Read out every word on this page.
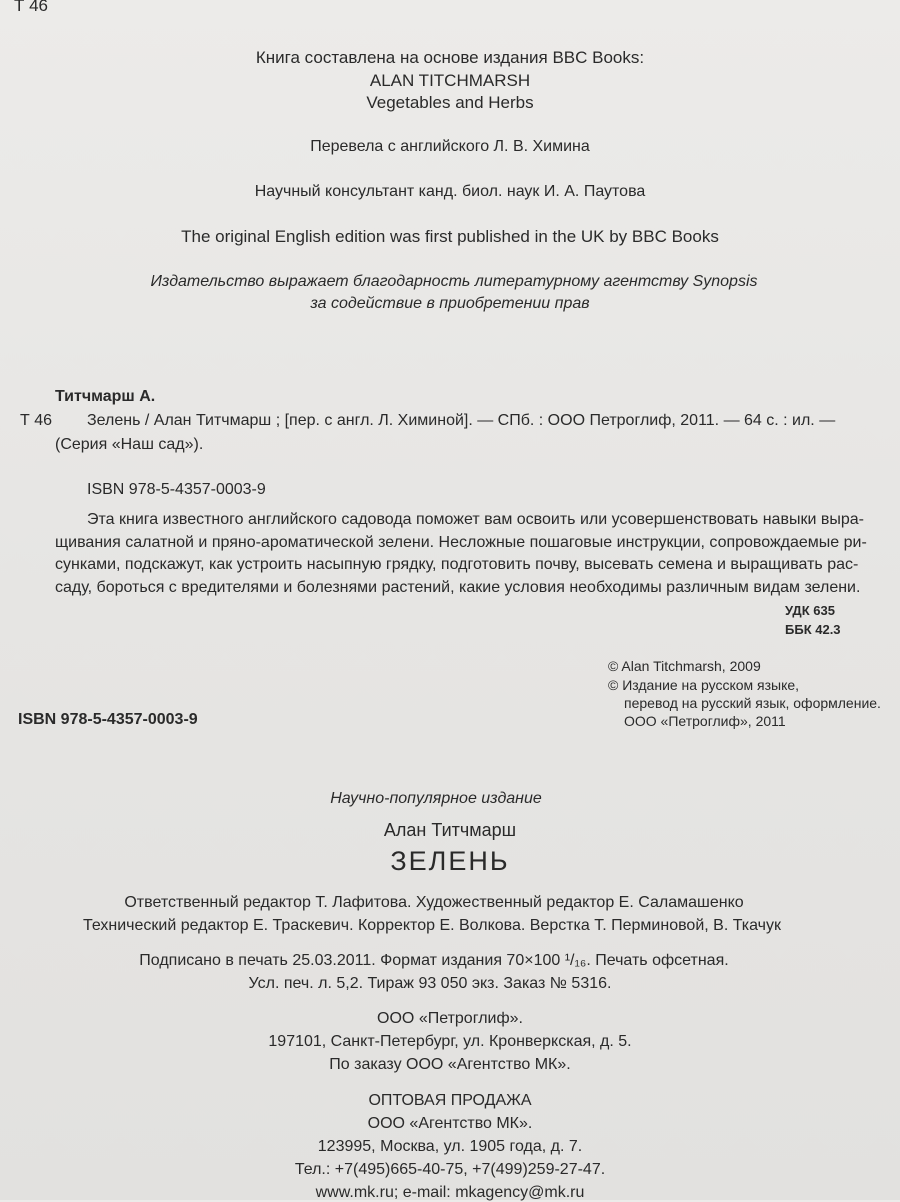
Т 46
Книга составлена на основе издания BBC Books:
ALAN TITCHMARSH
Vegetables and Herbs
Перевела с английского Л. В. Химина
Научный консультант канд. биол. наук И. А. Паутова
The original English edition was first published in the UK by BBC Books
Издательство выражает благодарность литературному агентству Synopsis
за содействие в приобретении прав
Титчмарш А.
Т 46 Зелень / Алан Титчмарш ; [пер. с англ. Л. Химиной]. — СПб. : ООО Петроглиф, 2011. — 64 с. : ил. —
(Серия «Наш сад»).
ISBN 978-5-4357-0003-9

Эта книга известного английского садовода поможет вам освоить или усовершенствовать навыки выра-

щивания салатной и пряно-ароматической зелени. Несложные пошаговые инструкции, сопровождаемые ри-

сунками, подскажут, как устроить насыпную грядку, подготовить почву, высевать семена и выращивать рас-

саду, бороться с вредителями и болезнями растений, какие условия необходимы различным видам зелени.

УДК 635
ББК 42.3
© Alan Titchmarsh, 2009
© Издание на русском языке,
перевод на русский язык, оформление.
ООО «Петроглиф», 2011
ISBN 978-5-4357-0003-9
Научно-популярное издание
Алан Титчмарш
ЗЕЛЕНЬ
Ответственный редактор Т. Лафитова. Художественный редактор Е. Саламашенко
Технический редактор Е. Траскевич. Корректор Е. Волкова. Верстка Т. Перминовой, В. Ткачук
Подписано в печать 25.03.2011. Формат издания 70×100 ¹/₁₆. Печать офсетная.
Усл. печ. л. 5,2. Тираж 93 050 экз. Заказ № 5316.
ООО «Петроглиф».
197101, Санкт-Петербург, ул. Кронверкская, д. 5.
По заказу ООО «Агентство МК».
ОПТОВАЯ ПРОДАЖА
ООО «Агентство МК».
123995, Москва, ул. 1905 года, д. 7.
Тел.: +7(495)665-40-75, +7(499)259-27-47.
www.mk.ru; e-mail: mkagency@mk.ru
